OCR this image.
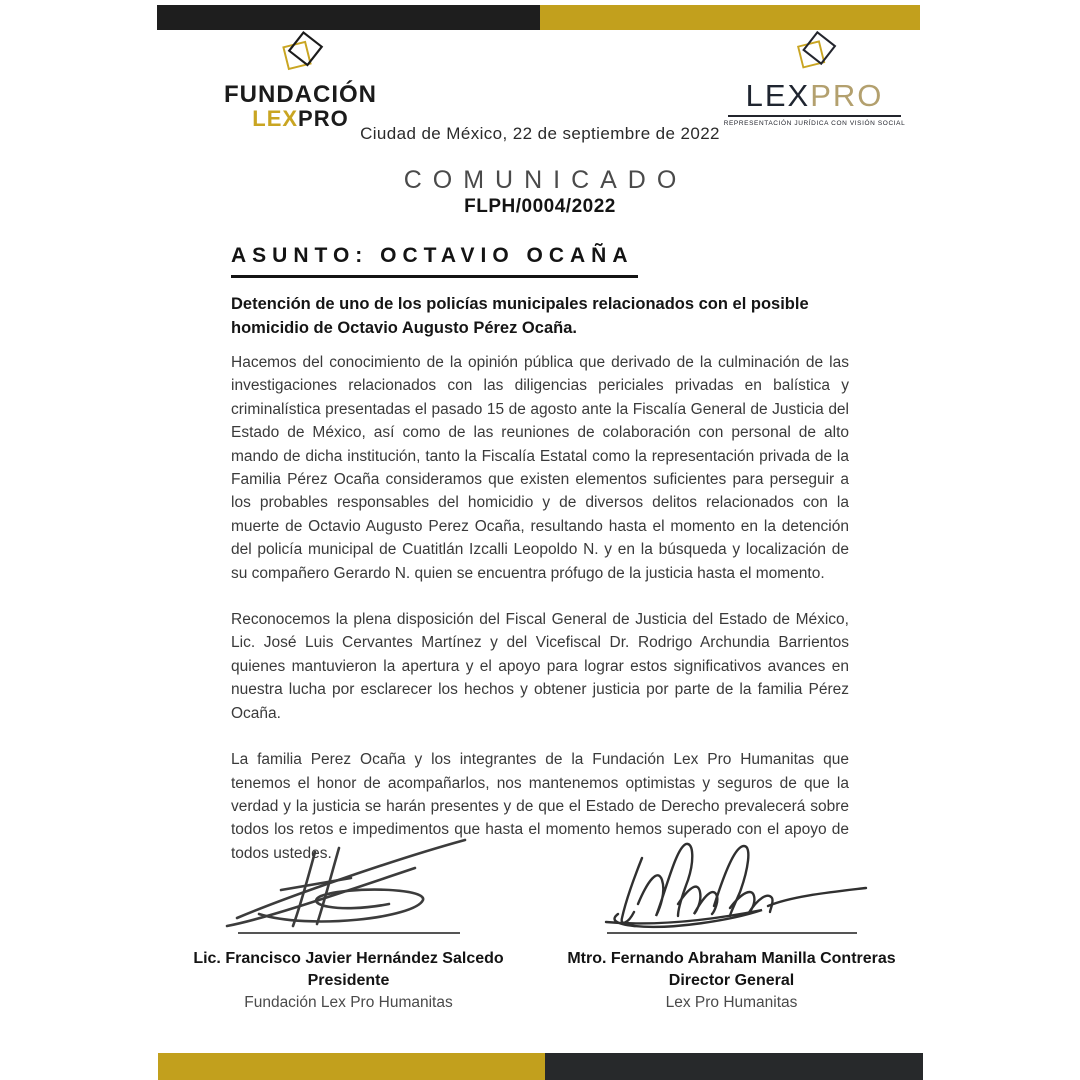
FUNDACIÓN
LEXPRO
LEXPRO
REPRESENTACIÓN JURÍDICA CON VISIÓN SOCIAL
Ciudad de México, 22 de septiembre de 2022
COMUNICADO
FLPH/0004/2022
ASUNTO: OCTAVIO OCAÑA
Detención de uno de los policías municipales relacionados con el posible homicidio de Octavio Augusto Pérez Ocaña.

Hacemos del conocimiento de la opinión pública que derivado de la culminación de las investigaciones relacionados con las diligencias periciales privadas en balística y criminalística presentadas el pasado 15 de agosto ante la Fiscalía General de Justicia del Estado de México, así como de las reuniones de colaboración con personal de alto mando de dicha institución, tanto la Fiscalía Estatal como la representación privada de la Familia Pérez Ocaña consideramos que existen elementos suficientes para perseguir a los probables responsables del homicidio y de diversos delitos relacionados con la muerte de Octavio Augusto Perez Ocaña, resultando hasta el momento en la detención del policía municipal de Cuatitlán Izcalli Leopoldo N. y en la búsqueda y localización de su compañero Gerardo N. quien se encuentra prófugo de la justicia hasta el momento.

Reconocemos la plena disposición del Fiscal General de Justicia del Estado de México, Lic. José Luis Cervantes Martínez y del Vicefiscal Dr. Rodrigo Archundia Barrientos quienes mantuvieron la apertura y el apoyo para lograr estos significativos avances en nuestra lucha por esclarecer los hechos y obtener justicia por parte de la familia Pérez Ocaña.

La familia Perez Ocaña y los integrantes de la Fundación Lex Pro Humanitas que tenemos el honor de acompañarlos, nos mantenemos optimistas y seguros de que la verdad y la justicia se harán presentes y de que el Estado de Derecho prevalecerá sobre todos los retos e impedimentos que hasta el momento hemos superado con el apoyo de todos ustedes.

Lic. Francisco Javier Hernández Salcedo
Presidente
Fundación Lex Pro Humanitas
Mtro. Fernando Abraham Manilla Contreras
Director General
Lex Pro Humanitas
